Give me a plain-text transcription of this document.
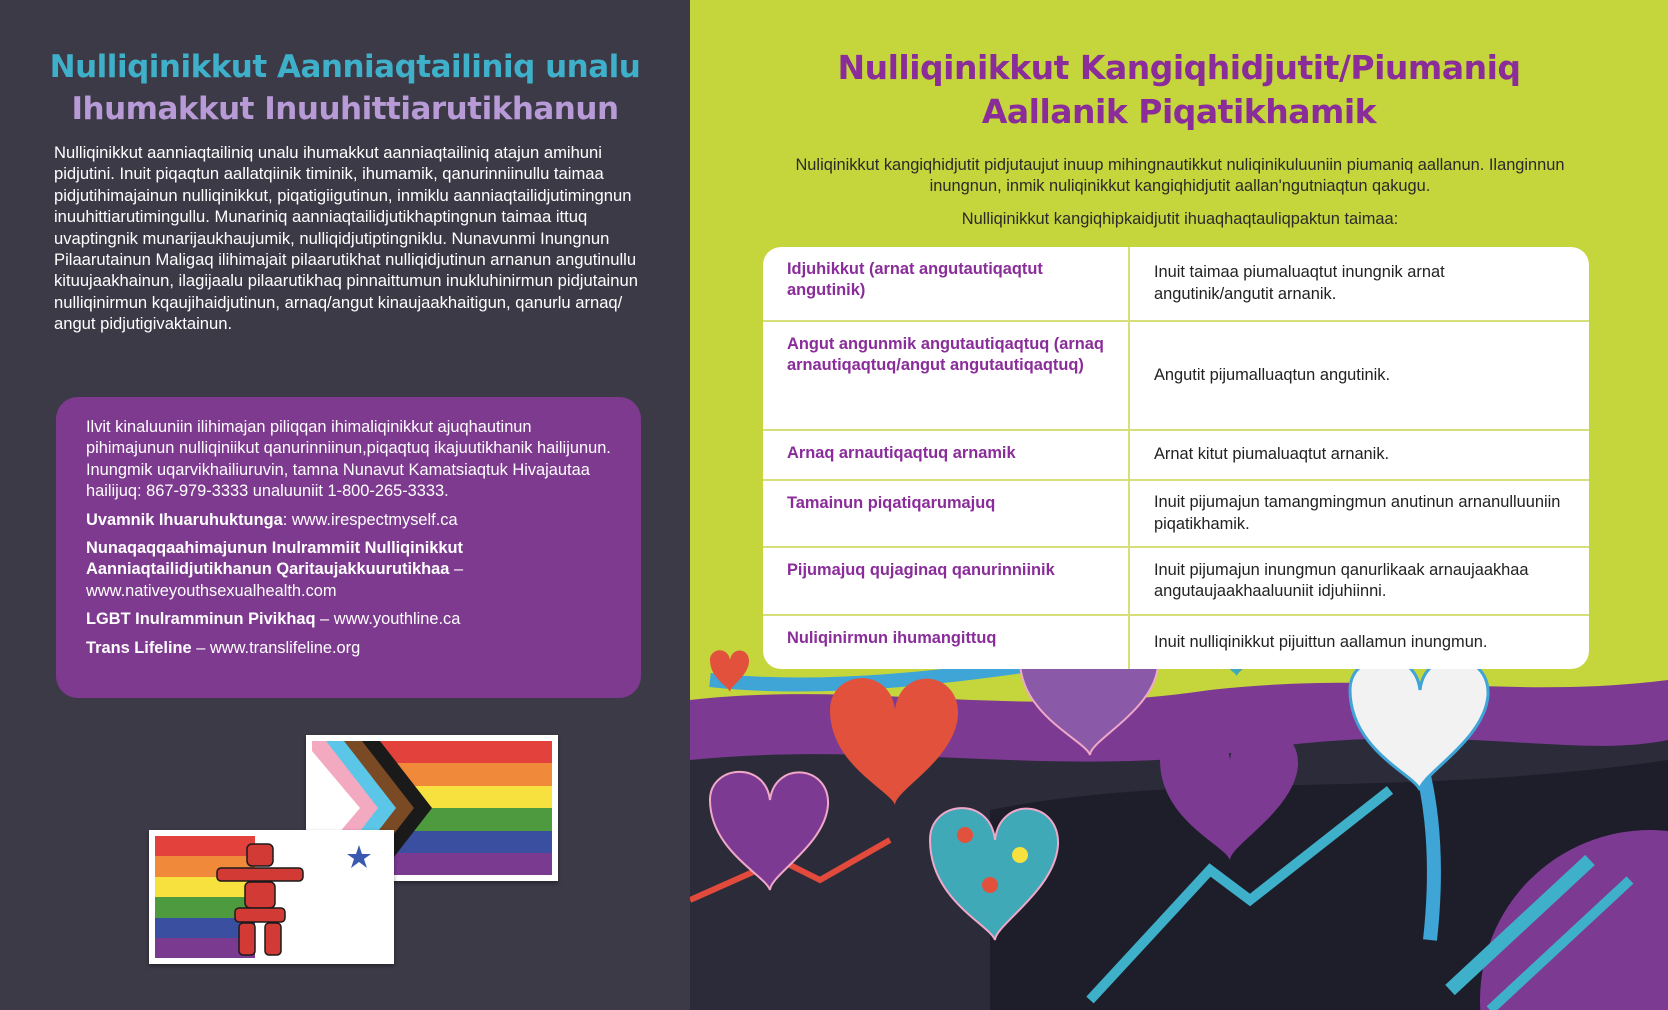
Nulliqinikkut Aanniaqtailiniq unalu
Ihumakkut Inuuhittiarutikhanun

Nulliqinikkut aanniaqtailiniq unalu ihumakkut aanniaqtailiniq atajun amihuni pidjutini. Inuit piqaqtun aallatqiinik timinik, ihumamik, qanurinniinullu taimaa pidjutihimajainun nulliqinikkut, piqatigiigutinun, inmiklu aanniaqtailidjutimingnun inuuhittiarutimingullu. Munariniq aanniaqtailidjutikhaptingnun taimaa ittuq uvaptingnik munarijaukhaujumik, nulliqidjutiptingniklu. Nunavunmi Inungnun Pilaarutainun Maligaq ilihimajait pilaarutikhat nulliqidjutinun arnanun angutinullu kituujaakhainun, ilagijaalu pilaarutikhaq pinnaittumun inukluhinirmun pidjutainun nulliqinirmun kqaujihaidjutinun, arnaq/angut kinaujaakhaitigun, qanurlu arnaq/ angut pidjutigivaktainun.

Ilvit kinaluuniin ilihimajan piliqqan ihimaliqinikkut ajuqhautinun pihimajunun nulliqiniikut qanurinniinun,piqaqtuq ikajuutikhanik hailijunun. Inungmik uqarvikhailiuruvin, tamna Nunavut Kamatsiaqtuk Hivajautaa hailijuq: 867-979-3333 unaluuniit 1-800-265-3333.

Uvamnik Ihuaruhuktunga: www.irespectmyself.ca

Nunaqaqqaahimajunun Inulrammiit Nulliqinikkut Aanniaqtailidjutikhanun Qaritaujakkuurutikhaa – www.nativeyouthsexualhealth.com

LGBT Inulramminun Pivikhaq – www.youthline.ca

Trans Lifeline – www.translifeline.org

Nulliqinikkut Kangiqhidjutit/Piumaniq
Aallanik Piqatikhamik

Nuliqinikkut kangiqhidjutit pidjutaujut inuup mihingnautikkut nuliqinikuluuniin piumaniq aallanun. Ilanginnun inungnun, inmik nuliqinikkut kangiqhidjutit aallan'ngutniaqtun qakugu.

Nulliqinikkut kangiqhipkaidjutit ihuaqhaqtauliqpaktun taimaa:

Idjuhikkut (arnat angutautiqaqtut angutinik)	Inuit taimaa piumaluaqtut inungnik arnat angutinik/angutit arnanik.
Angut angunmik angutautiqaqtuq (arnaq arnautiqaqtuq/angut angutautiqaqtuq)	Angutit pijumalluaqtun angutinik.
Arnaq arnautiqaqtuq arnamik	Arnat kitut piumaluaqtut arnanik.
Tamainun piqatiqarumajuq	Inuit pijumajun tamangmingmun anutinun arnanulluuniin piqatikhamik.
Pijumajuq qujaginaq qanurinniinik	Inuit pijumajun inungmun qanurlikaak arnaujaakhaa angutaujaakhaaluuniit idjuhiinni.
Nuliqinirmun ihumangittuq	Inuit nulliqinikkut pijuittun aallamun inungmun.
